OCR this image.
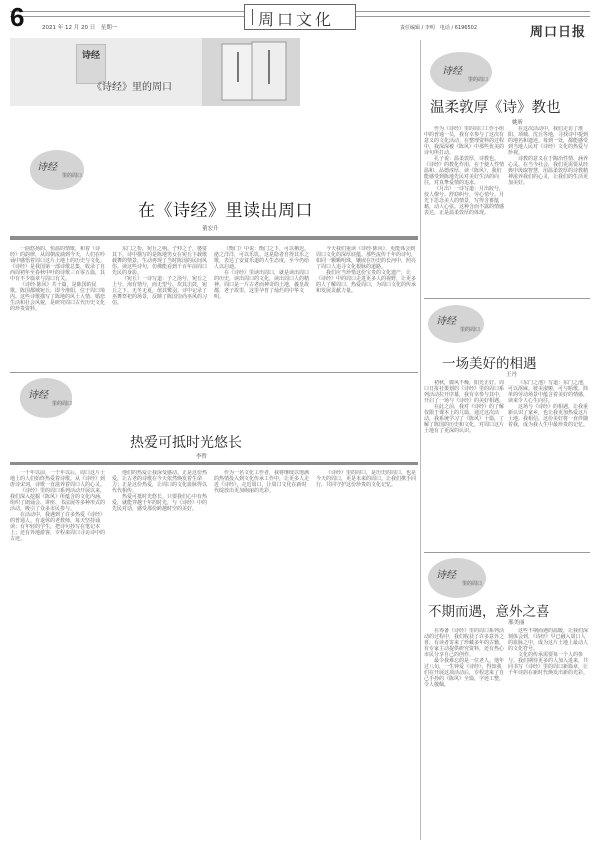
6	2021 年 12 月 20 日　星期一	周口文化	责任编辑 / 李明　电话 / 6196502	周口日报
诗经
《诗经》里的周口
诗经
里的周口
温柔敦厚《诗》教也
姚昕
诗经
里的周口
在《诗经》里读出周口
董宏升

一曲悠扬的、恒温的情歌，和着《诗经》的韵律，从周朝流淌到今天，人们在吟诵中感悟着周口这片土地上的历史与文化。《诗经》是我国第一部诗歌总集，收录了自西周初年至春秋中叶的诗歌三百零五篇，其中有不少篇章与周口有关。

《诗经·陈风》共十篇，是陈国的民歌。陈国都城宛丘，即今淮阳，位于周口境内。这些诗歌描写了陈地的风土人情、婚恋生活和社会风貌，是研究周口古代历史文化的珍贵资料。

东门之枌，宛丘之栩。子仲之子，婆娑其下。诗中描写的是陈地男女在宛丘下载歌载舞的情景，生动再现了当时陈国的民间风俗。读这些诗句，仿佛能看到千百年前周口先民的身影。

《宛丘》一诗写道：子之汤兮，宛丘之上兮。洵有情兮，而无望兮。坎其击鼓，宛丘之下。无冬无夏，值其鹭羽。诗中记录了巫舞祭祀的场景，反映了陈国崇尚巫风的习俗。

《衡门》中说：衡门之下，可以栖迟。泌之洋洋，可以乐饥。这是隐者自得其乐之歌，表达了安贫乐道的人生态度，至今仍给人以启迪。

在《诗经》里读出周口，就是读出周口的历史，读出周口的文化，读出周口人的精神。周口是一片古老而神奇的土地，羲皇故都，老子故里，这里孕育了灿烂的中华文明。

今天我们重读《诗经·陈风》，更能体会到周口文化的深厚底蕴。那些流传千年的诗句，如同一颗颗明珠，镶嵌在历史的长河中，照亮了周口人追寻文化根脉的道路。

我们应当珍惜这份宝贵的文化遗产，让《诗经》中的周口走进更多人的视野，让更多的人了解周口、热爱周口，为周口文化的传承和发展贡献力量。

作为《诗经》里的周口工作小组中的普通一员，我有幸参与了这次有意义的文化活动。在整理资料的过程中，我深深被《陈风》中那些优美的诗句所打动。

孔子说：温柔敦厚，诗教也。《诗经》的教化作用，在于使人性情温和、品德淳厚。读《陈风》，我们能感受到陈地先民对美好生活的向往，对真挚爱情的追求。

《月出》一诗写道：月出皎兮，佼人僚兮。舒窈纠兮，劳心悄兮。月光下思念美人的情景，写得含蓄蕴藉，动人心弦。这种含而不露的情感表达，正是温柔敦厚的体现。

在这次活动中，我们走访了淮阳、项城、沈丘等地，寻找诗中提到的地名和遗迹。每到一处，都能感受到当地人民对《诗经》文化的热爱与珍视。

诗教的意义在于陶冶性情、涵养心灵。在当今社会，我们更需要从经典中汲取智慧，用温柔敦厚的诗教精神滋养我们的心灵，让我们的生活更加美好。

诗经
里的周口
热爱可抵时光悠长
李哲

一千年以前，一千年以后，周口这片土地上的人们始终热爱着诗歌。从《诗经》到唐诗宋词，诗歌一直滋养着周口人的心灵。

《诗经》里的周口系列活动开展以来，我们深入挖掘《陈风》所蕴含的文化内涵，组织了朗诵会、讲座、书法展等多种形式的活动，吸引了众多市民参与。

在活动中，我遇到了许多热爱《诗经》的普通人。有退休的老教师，每天坚持诵读；有年轻的学生，把诗句抄写在笔记本上；还有外地游客，专程来周口寻访诗中的古迹。

他们的热爱让我深受感动。正是这份热爱，让古老的诗歌在今天依然焕发着生命力；正是这份热爱，让周口的文化血脉得以代代相传。

热爱可抵时光悠长。只要我们心中有热爱，就能穿越千年的时光，与《诗经》中的先民对话，感受那份跨越时空的美好。

作为一名文化工作者，我将继续以饱满的热情投入到文化传承工作中，让更多人走近《诗经》，走近周口，让周口文化在新时代绽放出更加绚丽的光彩。

《诗经》里的周口，是历史的周口，也是今天的周口，更是未来的周口。让我们携手同行，共同守护这份珍贵的文化记忆。

诗经
里的周口
一场美好的相遇
王丹

初秋，微风不燥，阳光正好。周口日报社策划的《诗经》里的周口系列活动拉开序幕，我有幸参与其中，开启了一场与《诗经》的美好相遇。

在此之前，我对《诗经》的了解仅限于课本上的几篇。通过这次活动，我系统学习了《陈风》十篇，了解了陈国的历史和文化，对周口这片土地有了更深的认识。

《东门之池》写道：东门之池，可以沤麻。彼美淑姬，可与晤歌。简单的劳动场景中蕴含着美好的情感，读来令人心生向往。

这场与《诗经》的相遇，让我重新认识了家乡，也让我更加热爱这片土地。我相信，这份美好将一直伴随着我，成为我人生中最珍贵的记忆。

诗经
里的周口
不期而遇，意外之喜
邢美丽

在筹备《诗经》里的周口系列活动的过程中，我们收获了许多意外之喜。有读者寄来了珍藏多年的古籍，有专家主动提供研究资料，还有热心市民分享自己的创作。

最令我难忘的是一位老人。他年过八旬，一生钟爱《诗经》，得知我们在开展这项活动后，专程送来了自己手抄的《陈风》全篇，字迹工整，令人敬佩。

这些不期而遇的温暖，让我们深刻体会到，《诗经》早已融入周口人的血脉之中，成为这片土地上最动人的文化符号。

文化的传承需要每一个人的参与。我们期待更多的人加入进来，共同书写《诗经》里的周口新篇章，让千年诗韵在新时代焕发出新的光彩。
